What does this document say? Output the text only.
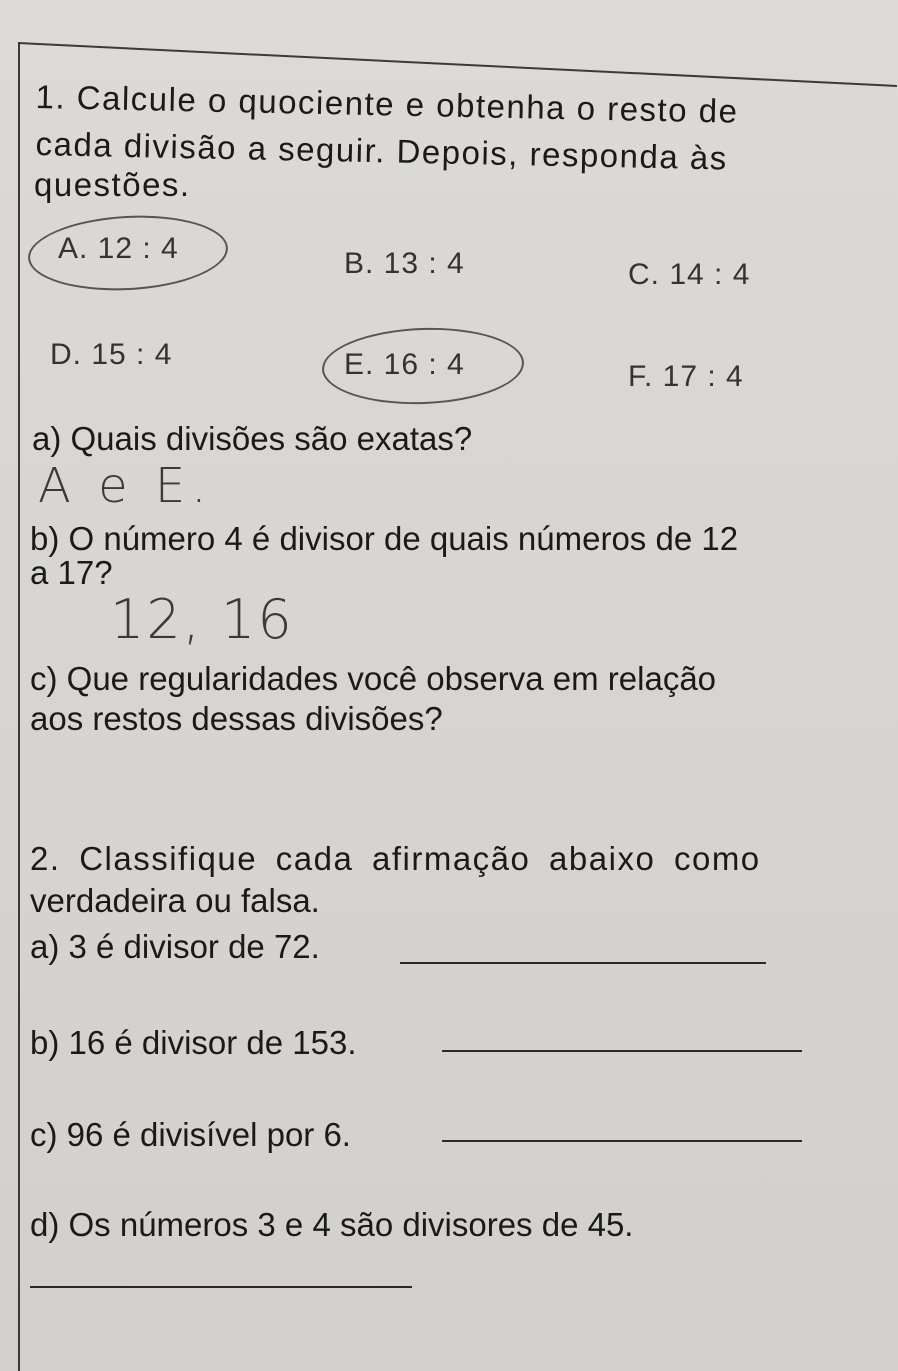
1. Calcule o quociente e obtenha o resto de
cada divisão a seguir. Depois, responda às
questões.
A. 12 : 4	B. 13 : 4	C. 14 : 4
D. 15 : 4	E. 16 : 4	F. 17 : 4
a) Quais divisões são exatas?
A e E.
b) O número 4 é divisor de quais números de 12
a 17?
12, 16
c) Que regularidades você observa em relação
aos restos dessas divisões?
2. Classifique cada afirmação abaixo como
verdadeira ou falsa.
a) 3 é divisor de 72.
b) 16 é divisor de 153.
c) 96 é divisível por 6.
d) Os números 3 e 4 são divisores de 45.
